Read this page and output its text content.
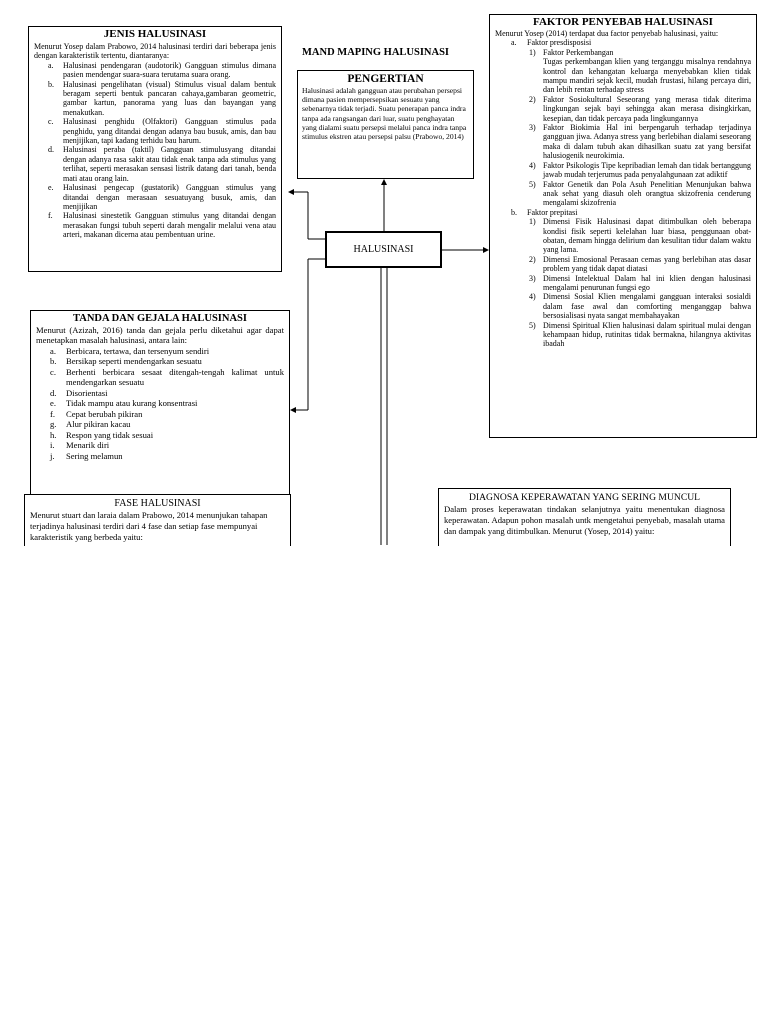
MAND MAPING HALUSINASI
HALUSINASI
PENGERTIAN
Halusinasi adalah gangguan atau perubahan persepsi dimana pasien mempersepsikan sesuatu yang sebenarnya tidak terjadi. Suatu penerapan panca indra tanpa ada rangsangan dari luar, suatu penghayatan yang dialami suatu persepsi melalui panca indra tanpa stimulus ekstren atau persepsi palsu (Prabowo, 2014)
JENIS HALUSINASI
Menurut Yosep dalam Prabowo, 2014 halusinasi terdiri dari beberapa jenis dengan karakteristik tertentu, diantaranya:
a.	Halusinasi pendengaran (audotorik) Gangguan stimulus dimana pasien mendengar suara-suara terutama suara orang.
b.	Halusinasi pengelihatan (visual) Stimulus visual dalam bentuk beragam seperti bentuk pancaran cahaya,gambaran geometric, gambar kartun, panorama yang luas dan bayangan yang menakutkan.
c.	Halusinasi penghidu (Olfaktori) Gangguan stimulus pada penghidu, yang ditandai dengan adanya bau busuk, amis, dan bau menjijikan, tapi kadang terhidu bau harum.
d.	Halusinasi peraba (taktil) Gangguan stimulusyang ditandai dengan adanya rasa sakit atau tidak enak tanpa ada stimulus yang terlihat, seperti merasakan sensasi listrik datang dari tanah, benda mati atau orang lain.
e.	Halusinasi pengecap (gustatorik) Gangguan stimulus yang ditandai dengan merasaan sesuatuyang busuk, amis, dan menjijikan
f.	Halusinasi sinestetik Gangguan stimulus yang ditandai dengan merasakan fungsi tubuh seperti darah mengalir melalui vena atau arteri, makanan dicerna atau pembentuan urine.
TANDA DAN GEJALA HALUSINASI
Menurut (Azizah, 2016) tanda dan gejala perlu diketahui agar dapat menetapkan masalah halusinasi, antara lain:
a.	Berbicara, tertawa, dan tersenyum sendiri
b.	Bersikap seperti mendengarkan sesuatu
c.	Berhenti berbicara sesaat ditengah-tengah kalimat untuk mendengarkan sesuatu
d.	Disorientasi
e.	Tidak mampu atau kurang konsentrasi
f.	Cepat berubah pikiran
g.	Alur pikiran kacau
h.	Respon yang tidak sesuai
i.	Menarik diri
j.	Sering melamun
FASE HALUSINASI
Menurut stuart dan laraia dalam Prabowo, 2014 menunjukan tahapan terjadinya halusinasi terdiri dari 4 fase dan setiap fase mempunyai karakteristik yang berbeda yaitu:
FAKTOR PENYEBAB HALUSINASI
Menurut Yosep (2014) terdapat dua factor penyebab halusinasi, yaitu:
a.	Faktor presdisposisi
1) Faktor Perkembangan
Tugas perkembangan klien yang terganggu misalnya rendahnya kontrol dan kehangatan keluarga menyebabkan klien tidak mampu mandiri sejak kecil, mudah frustasi, hilang percaya diri, dan lebih rentan terhadap stress
2) Faktor Sosiokultural Seseorang yang merasa tidak diterima lingkungan sejak bayi sehingga akan merasa disingkirkan, kesepian, dan tidak percaya pada lingkungannya
3) Faktor Biokimia Hal ini berpengaruh terhadap terjadinya gangguan jiwa. Adanya stress yang berlebihan dialami seseorang maka di dalam tubuh akan dihasilkan suatu zat yang bersifat halusiogenik neurokimia.
4) Faktor Psikologis Tipe kepribadian lemah dan tidak bertanggung jawab mudah terjerumus pada penyalahgunaan zat adiktif
5) Faktor Genetik dan Pola Asuh Penelitian Menunjukan bahwa anak sehat yang diasuh oleh orangtua skizofrenia cenderung mengalami skizofrenia
b.	Faktor prepitasi
1) Dimensi Fisik Halusinasi dapat ditimbulkan oleh beberapa kondisi fisik seperti kelelahan luar biasa, penggunaan obat-obatan, demam hingga delirium dan kesulitan tidur dalam waktu yang lama.
2) Dimensi Emosional Perasaan cemas yang berlebihan atas dasar problem yang tidak dapat diatasi
3) Dimensi Intelektual Dalam hal ini klien dengan halusinasi mengalami penurunan fungsi ego
4) Dimensi Sosial Klien mengalami gangguan interaksi sosialdi dalam fase awal dan comforting menganggap bahwa bersosialisasi nyata sangat membahayakan
5) Dimensi Spiritual Klien halusinasi dalam spiritual mulai dengan kehampaan hidup, rutinitas tidak bermakna, hilangnya aktivitas ibadah
DIAGNOSA KEPERAWATAN YANG SERING MUNCUL
Dalam proses keperawatan tindakan selanjutnya yaitu menentukan diagnosa keperawatan. Adapun pohon masalah untk mengetahui penyebab, masalah utama dan dampak yang ditimbulkan. Menurut (Yosep, 2014) yaitu:
